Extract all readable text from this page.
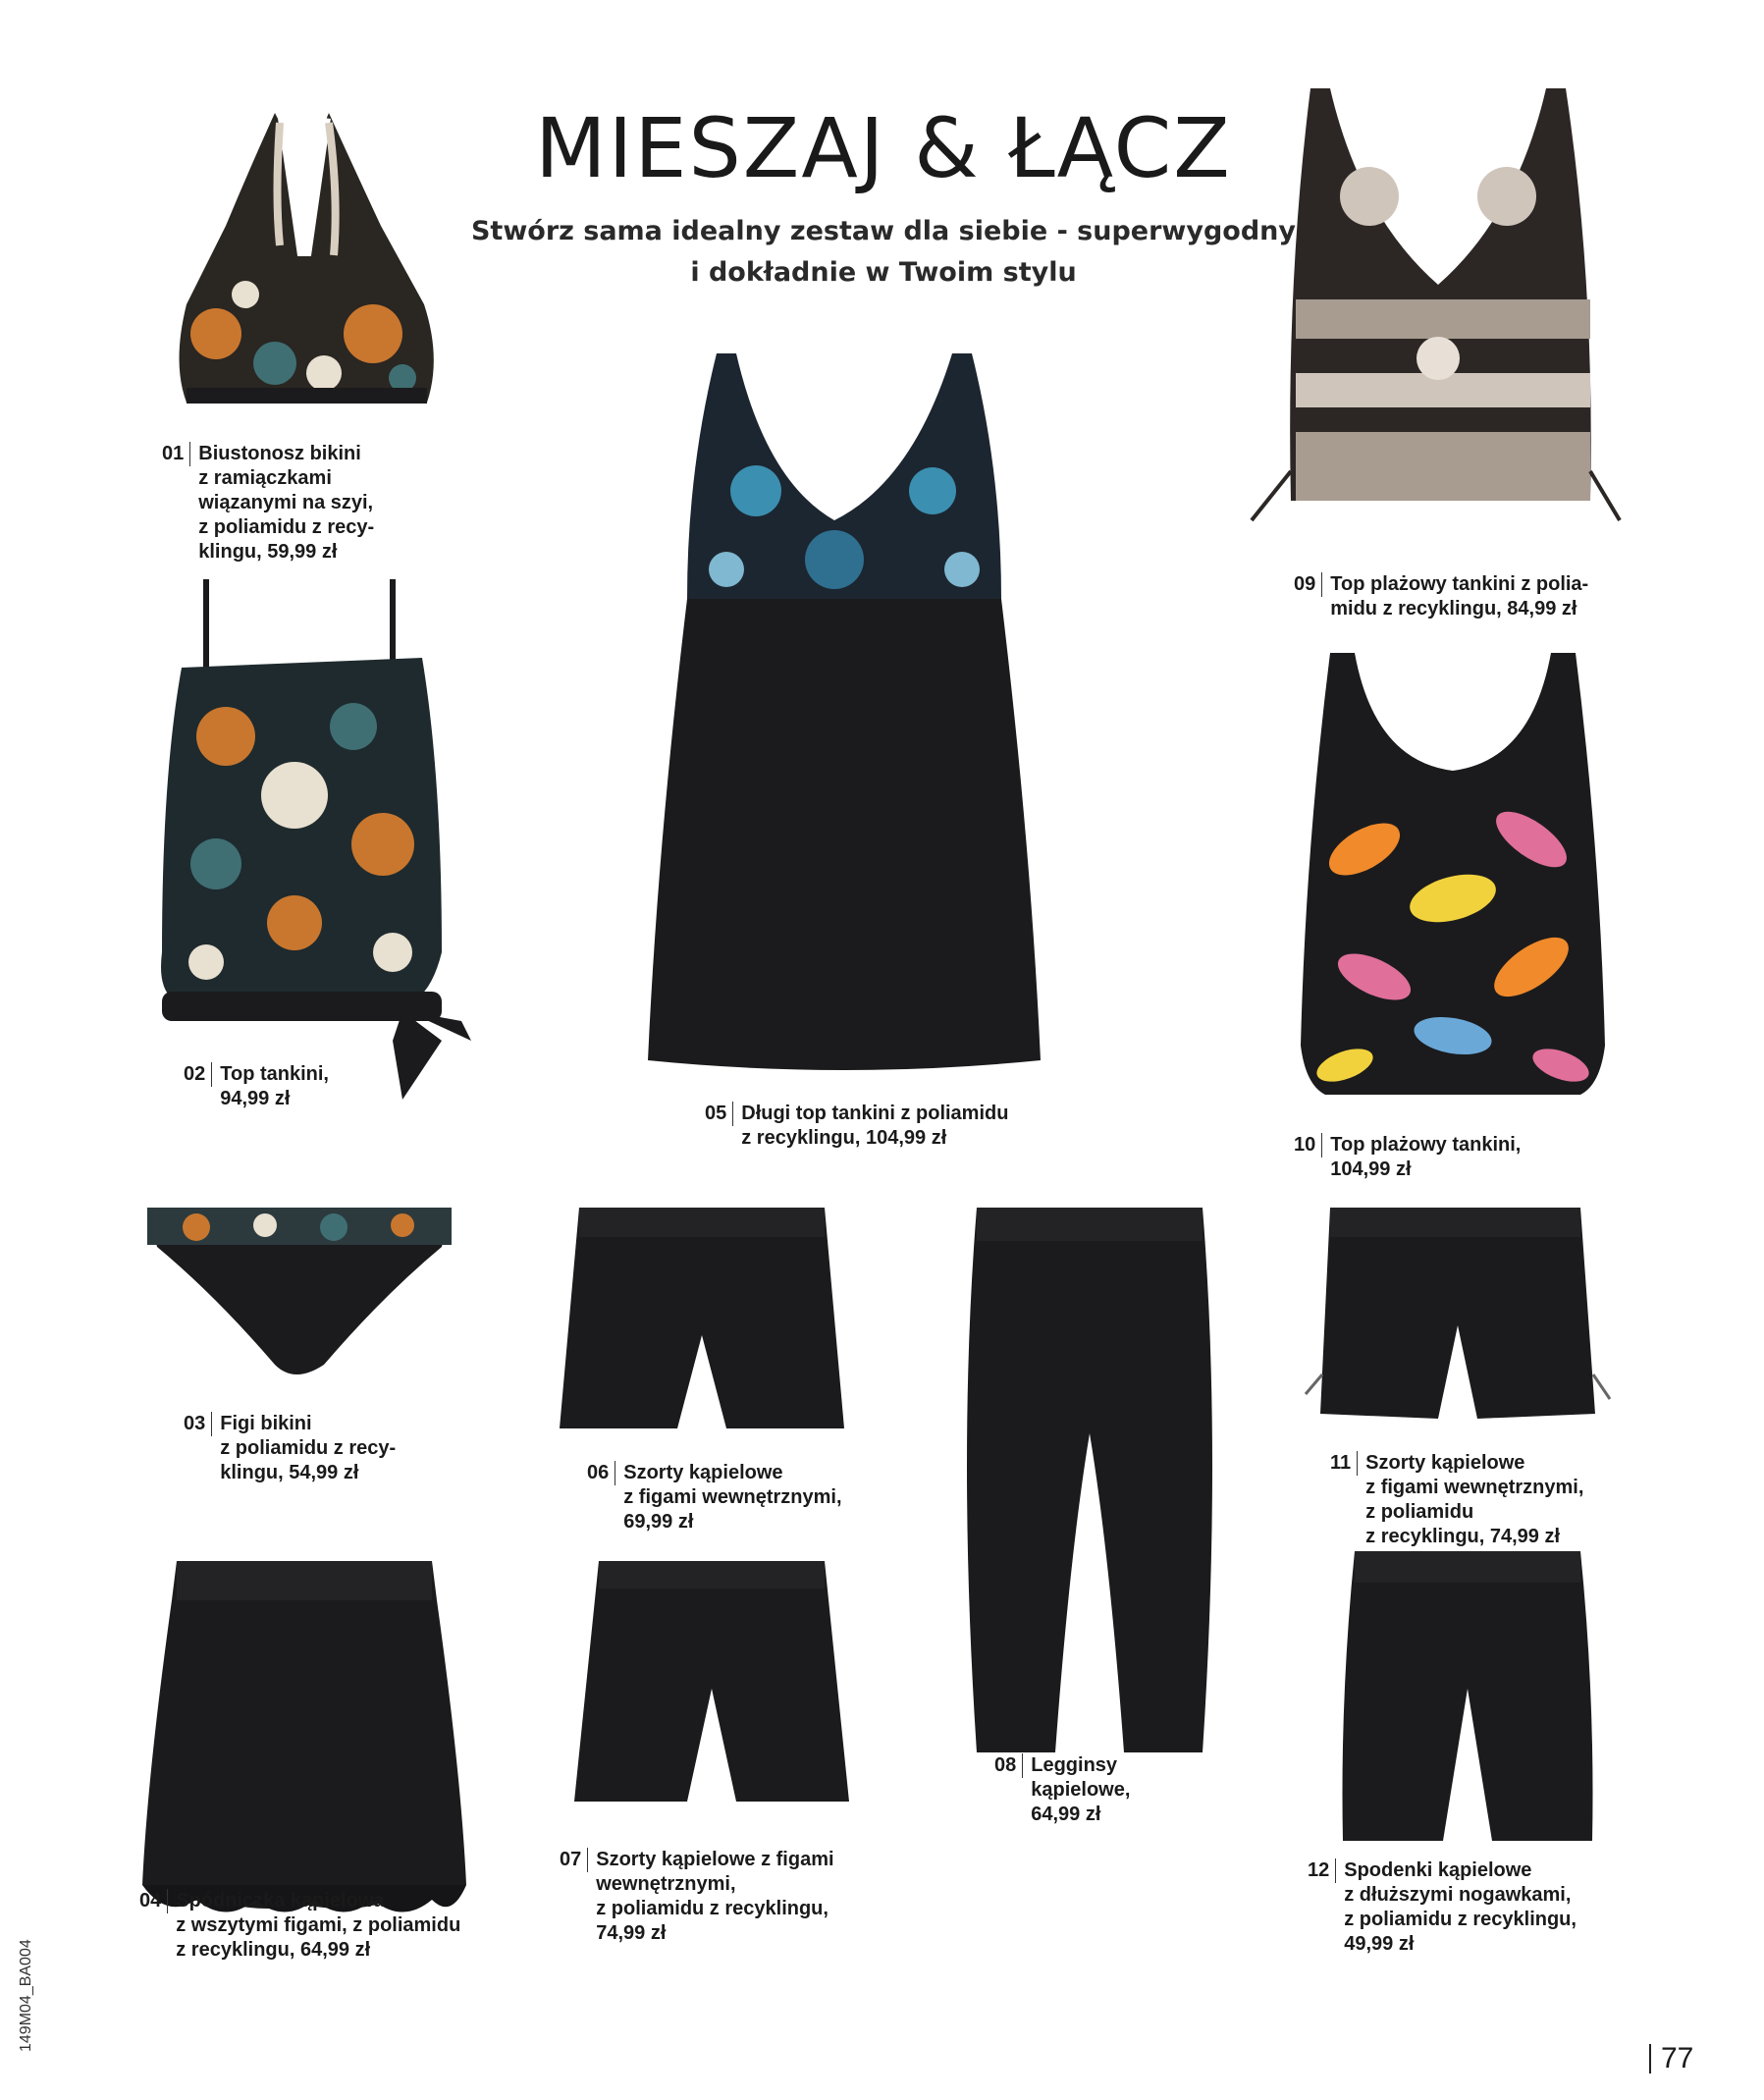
MIESZAJ & ŁĄCZ
Stwórz sama idealny zestaw dla siebie - superwygodny
i dokładnie w Twoim stylu
01 Biustonosz bikini
z ramiączkami
wiązanymi na szyi,
z poliamidu z recy-
klingu, 59,99 zł
02 Top tankini,
94,99 zł
03 Figi bikini
z poliamidu z recy-
klingu, 54,99 zł
04 Spódniczka kąpielowa
z wszytymi figami, z poliamidu
z recyklingu, 64,99 zł
05 Długi top tankini z poliamidu
z recyklingu, 104,99 zł
06 Szorty kąpielowe
z figami wewnętrznymi,
69,99 zł
07 Szorty kąpielowe z figami
wewnętrznymi,
z poliamidu z recyklingu,
74,99 zł
08 Legginsy
kąpielowe,
64,99 zł
09 Top plażowy tankini z polia-
midu z recyklingu, 84,99 zł
10 Top plażowy tankini,
104,99 zł
11 Szorty kąpielowe
z figami wewnętrznymi,
z poliamidu
z recyklingu, 74,99 zł
12 Spodenki kąpielowe
z dłuższymi nogawkami,
z poliamidu z recyklingu,
49,99 zł
77
149M04_BA004
